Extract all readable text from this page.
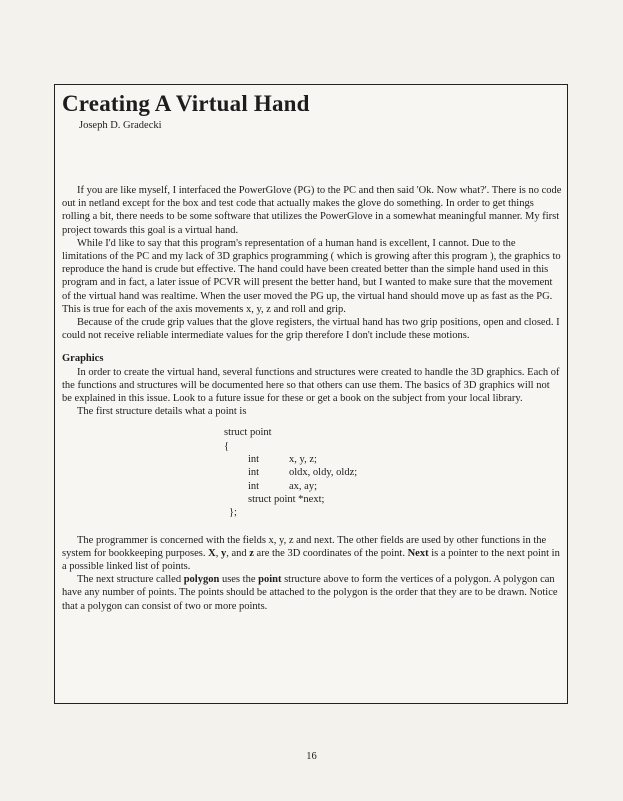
Creating A Virtual Hand
Joseph D. Gradecki

If you are like myself, I interfaced the PowerGlove (PG) to the PC and then said 'Ok. Now what?'. There is no code out in netland except for the box and test code that actually makes the glove do something. In order to get things rolling a bit, there needs to be some software that utilizes the PowerGlove in a somewhat meaningful manner. My first project towards this goal is a virtual hand.

While I'd like to say that this program's representation of a human hand is excellent, I cannot. Due to the limitations of the PC and my lack of 3D graphics programming ( which is growing after this program ), the graphics to reproduce the hand is crude but effective. The hand could have been created better than the simple hand used in this program and in fact, a later issue of PCVR will present the better hand, but I wanted to make sure that the movement of the virtual hand was realtime. When the user moved the PG up, the virtual hand should move up as fast as the PG. This is true for each of the axis movements x, y, z and roll and grip.

Because of the crude grip values that the glove registers, the virtual hand has two grip positions, open and closed. I could not receive reliable intermediate values for the grip therefore I don't include these motions.

Graphics

In order to create the virtual hand, several functions and structures were created to handle the 3D graphics. Each of the functions and structures will be documented here so that others can use them. The basics of 3D graphics will not be explained in this issue. Look to a future issue for these or get a book on the subject from your local library.

The first structure details what a point is

struct point
{
int	x, y, z;
int	oldx, oldy, oldz;
int	ax, ay;
struct point *next;
};

The programmer is concerned with the fields x, y, z and next. The other fields are used by other functions in the system for bookkeeping purposes. X, y, and z are the 3D coordinates of the point. Next is a pointer to the next point in a possible linked list of points.

The next structure called polygon uses the point structure above to form the vertices of a polygon. A polygon can have any number of points. The points should be attached to the polygon is the order that they are to be drawn. Notice that a polygon can consist of two or more points.

16
